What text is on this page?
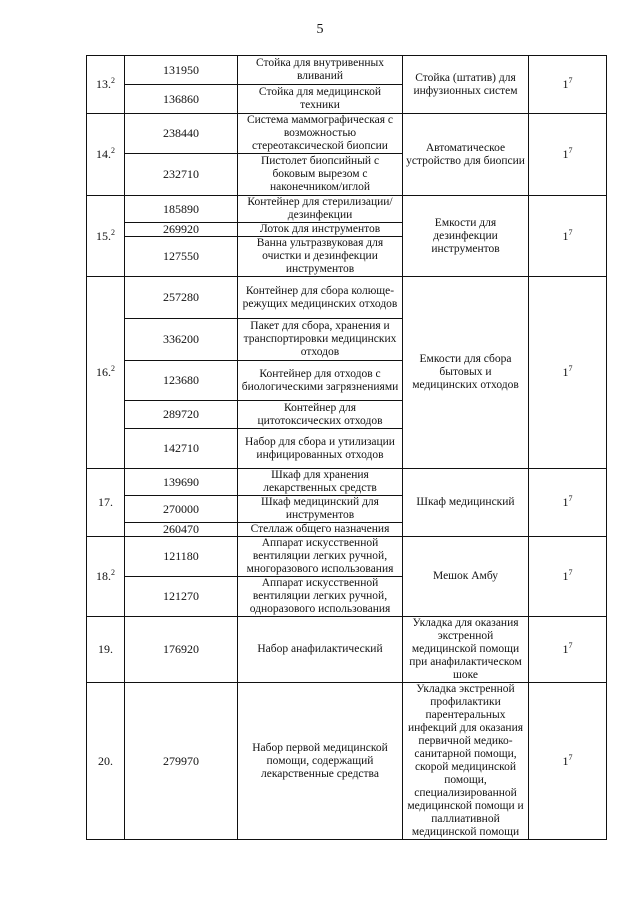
5
13.$^2$	131950	Стойка для внутривенных вливаний	Стойка (штатив) для инфузионных систем	$1^7$
	136860	Стойка для медицинской техники		
14.$^2$	238440	Система маммографическая с возможностью стереотаксической биопсии	Автоматическое устройство для биопсии	$1^7$
	232710	Пистолет биопсийный с боковым вырезом с наконечником/иглой		
15.$^2$	185890	Контейнер для стерилизации/дезинфекции	Емкости для дезинфекции инструментов	$1^7$
	269920	Лоток для инструментов		
	127550	Ванна ультразвуковая для очистки и дезинфекции инструментов		
16.$^2$	257280	Контейнер для сбора колюще-режущих медицинских отходов	Емкости для сбора бытовых и медицинских отходов	$1^7$
	336200	Пакет для сбора, хранения и транспортировки медицинских отходов		
	123680	Контейнер для отходов с биологическими загрязнениями		
	289720	Контейнер для цитотоксических отходов		
	142710	Набор для сбора и утилизации инфицированных отходов		
17.	139690	Шкаф для хранения лекарственных средств	Шкаф медицинский	$1^7$
	270000	Шкаф медицинский для инструментов		
	260470	Стеллаж общего назначения		
18.$^2$	121180	Аппарат искусственной вентиляции легких ручной, многоразового использования	Мешок Амбу	$1^7$
	121270	Аппарат искусственной вентиляции легких ручной, одноразового использования		
19.	176920	Набор анафилактический	Укладка для оказания экстренной медицинской помощи при анафилактическом шоке	$1^7$
20.	279970	Набор первой медицинской помощи, содержащий лекарственные средства	Укладка экстренной профилактики парентеральных инфекций для оказания первичной медико-санитарной помощи, скорой медицинской помощи, специализированной медицинской помощи и паллиативной медицинской помощи	$1^7$
